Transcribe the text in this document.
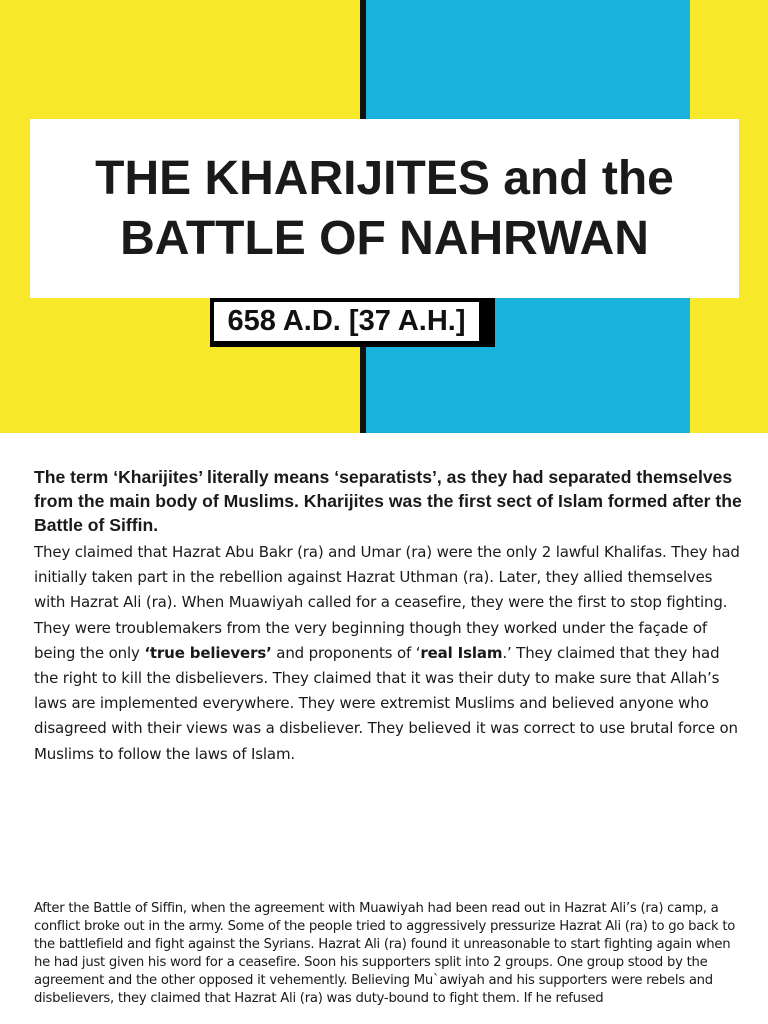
THE KHARIJITES and the
BATTLE OF NAHRWAN
658 A.D. [37 A.H.]

The term ‘Kharijites’ literally means ‘separatists’, as they had separated themselves from the main body of Muslims. Kharijites was the first sect of Islam formed after the Battle of Siffin.

They claimed that Hazrat Abu Bakr (ra) and Umar (ra) were the only 2 lawful Khalifas. They had initially taken part in the rebellion against Hazrat Uthman (ra). Later, they allied themselves with Hazrat Ali (ra). When Muawiyah called for a ceasefire, they were the first to stop fighting. They were troublemakers from the very beginning though they worked under the façade of being the only ‘true believers’ and proponents of ‘real Islam.’ They claimed that they had the right to kill the disbelievers. They claimed that it was their duty to make sure that Allah’s laws are implemented everywhere. They were extremist Muslims and believed anyone who disagreed with their views was a disbeliever. They believed it was correct to use brutal force on Muslims to follow the laws of Islam.

After the Battle of Siffin, when the agreement with Muawiyah had been read out in Hazrat Ali’s (ra) camp, a conflict broke out in the army. Some of the people tried to aggressively pressurize Hazrat Ali (ra) to go back to the battlefield and fight against the Syrians. Hazrat Ali (ra) found it unreasonable to start fighting again when he had just given his word for a ceasefire. Soon his supporters split into 2 groups. One group stood by the agreement and the other opposed it vehemently. Believing Mu`awiyah and his supporters were rebels and disbelievers, they claimed that Hazrat Ali (ra) was duty-bound to fight them. If he refused
